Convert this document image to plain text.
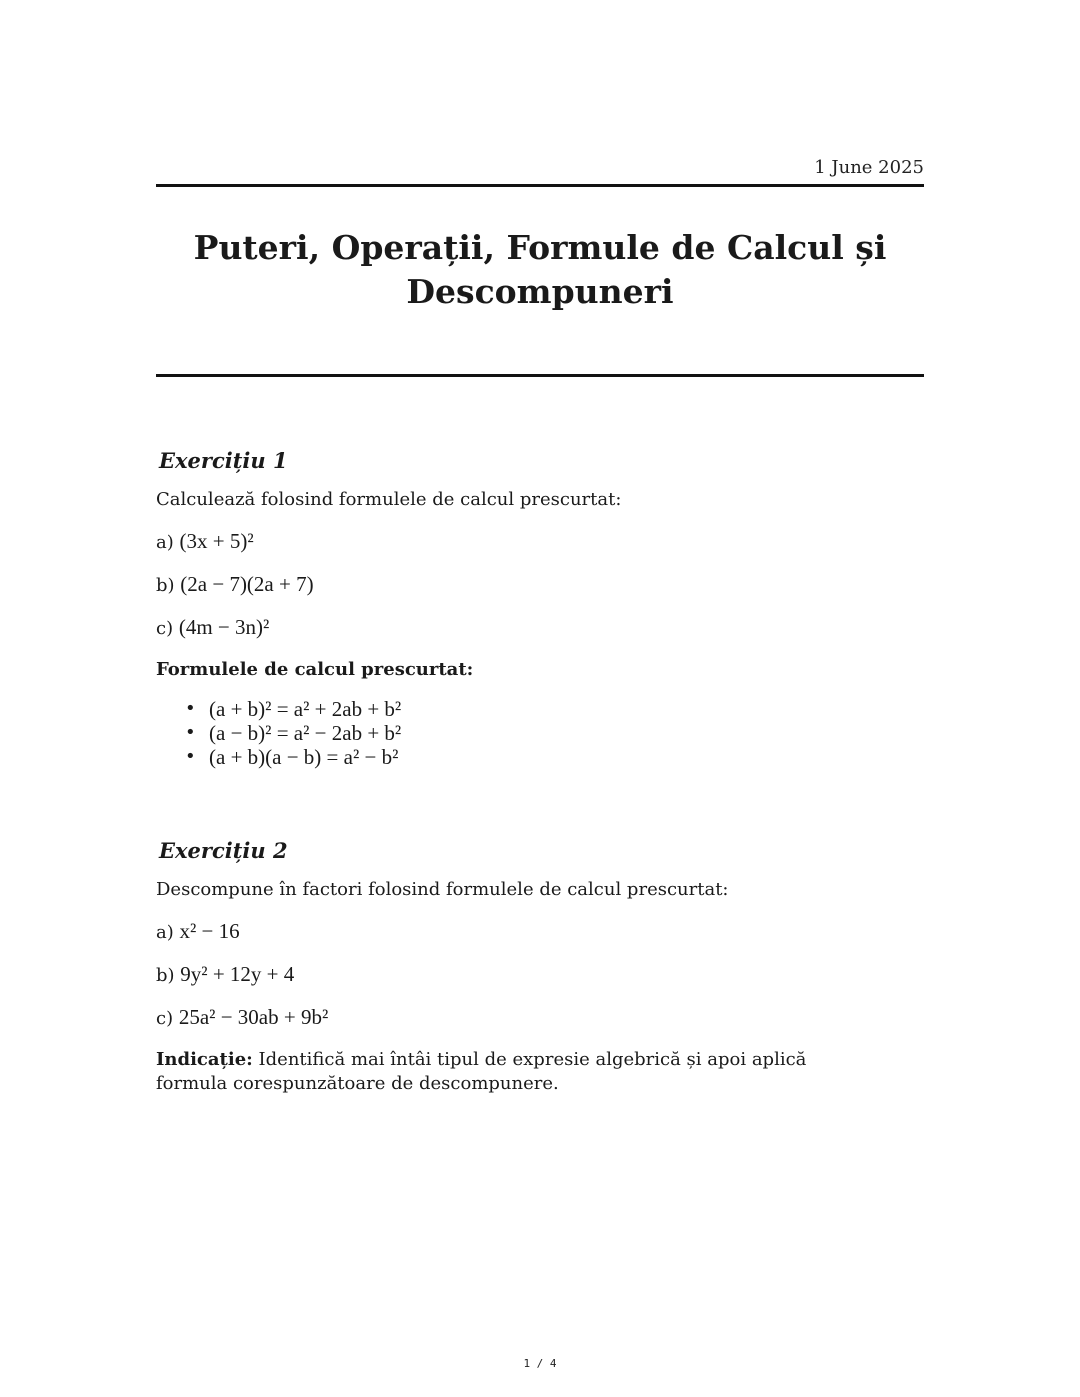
1 June 2025
Puteri, Operații, Formule de Calcul și
Descompuneri
Exercițiu 1

Calculează folosind formulele de calcul prescurtat:

a) (3x + 5)²

b) (2a − 7)(2a + 7)

c) (4m − 3n)²

Formulele de calcul prescurtat:

• (a + b)² = a² + 2ab + b²
• (a − b)² = a² − 2ab + b²
• (a + b)(a − b) = a² − b²
Exercițiu 2

Descompune în factori folosind formulele de calcul prescurtat:

a) x² − 16

b) 9y² + 12y + 4

c) 25a² − 30ab + 9b²

Indicație: Identifică mai întâi tipul de expresie algebrică și apoi aplică formula corespunzătoare de descompunere.

1 / 4
